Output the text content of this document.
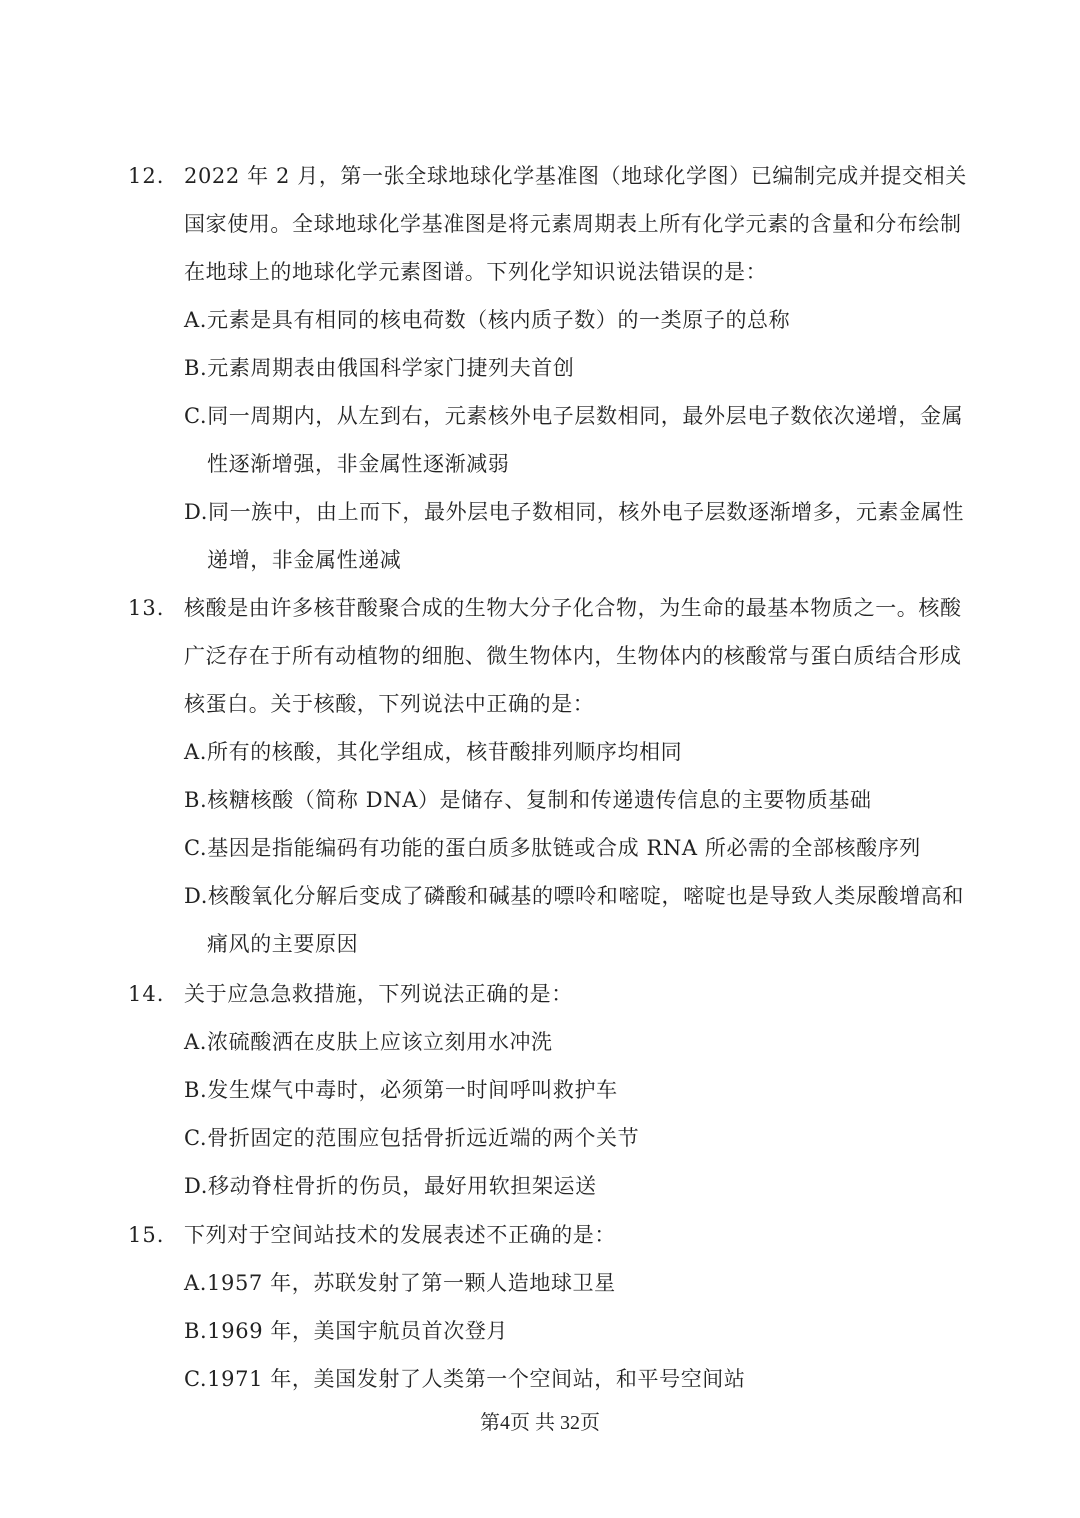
12. 2022 年 2 月，第一张全球地球化学基准图（地球化学图）已编制完成并提交相关
国家使用。全球地球化学基准图是将元素周期表上所有化学元素的含量和分布绘制
在地球上的地球化学元素图谱。下列化学知识说法错误的是：
A.元素是具有相同的核电荷数（核内质子数）的一类原子的总称
B.元素周期表由俄国科学家门捷列夫首创
C.同一周期内，从左到右，元素核外电子层数相同，最外层电子数依次递增，金属
性逐渐增强，非金属性逐渐减弱
D.同一族中，由上而下，最外层电子数相同，核外电子层数逐渐增多，元素金属性
递增，非金属性递减
13. 核酸是由许多核苷酸聚合成的生物大分子化合物，为生命的最基本物质之一。核酸
广泛存在于所有动植物的细胞、微生物体内，生物体内的核酸常与蛋白质结合形成
核蛋白。关于核酸，下列说法中正确的是：
A.所有的核酸，其化学组成，核苷酸排列顺序均相同
B.核糖核酸（简称 DNA）是储存、复制和传递遗传信息的主要物质基础
C.基因是指能编码有功能的蛋白质多肽链或合成 RNA 所必需的全部核酸序列
D.核酸氧化分解后变成了磷酸和碱基的嘌呤和嘧啶，嘧啶也是导致人类尿酸增高和
痛风的主要原因
14. 关于应急急救措施，下列说法正确的是：
A.浓硫酸洒在皮肤上应该立刻用水冲洗
B.发生煤气中毒时，必须第一时间呼叫救护车
C.骨折固定的范围应包括骨折远近端的两个关节
D.移动脊柱骨折的伤员，最好用软担架运送
15. 下列对于空间站技术的发展表述不正确的是：
A.1957 年，苏联发射了第一颗人造地球卫星
B.1969 年，美国宇航员首次登月
C.1971 年，美国发射了人类第一个空间站，和平号空间站
第4页 共 32页
